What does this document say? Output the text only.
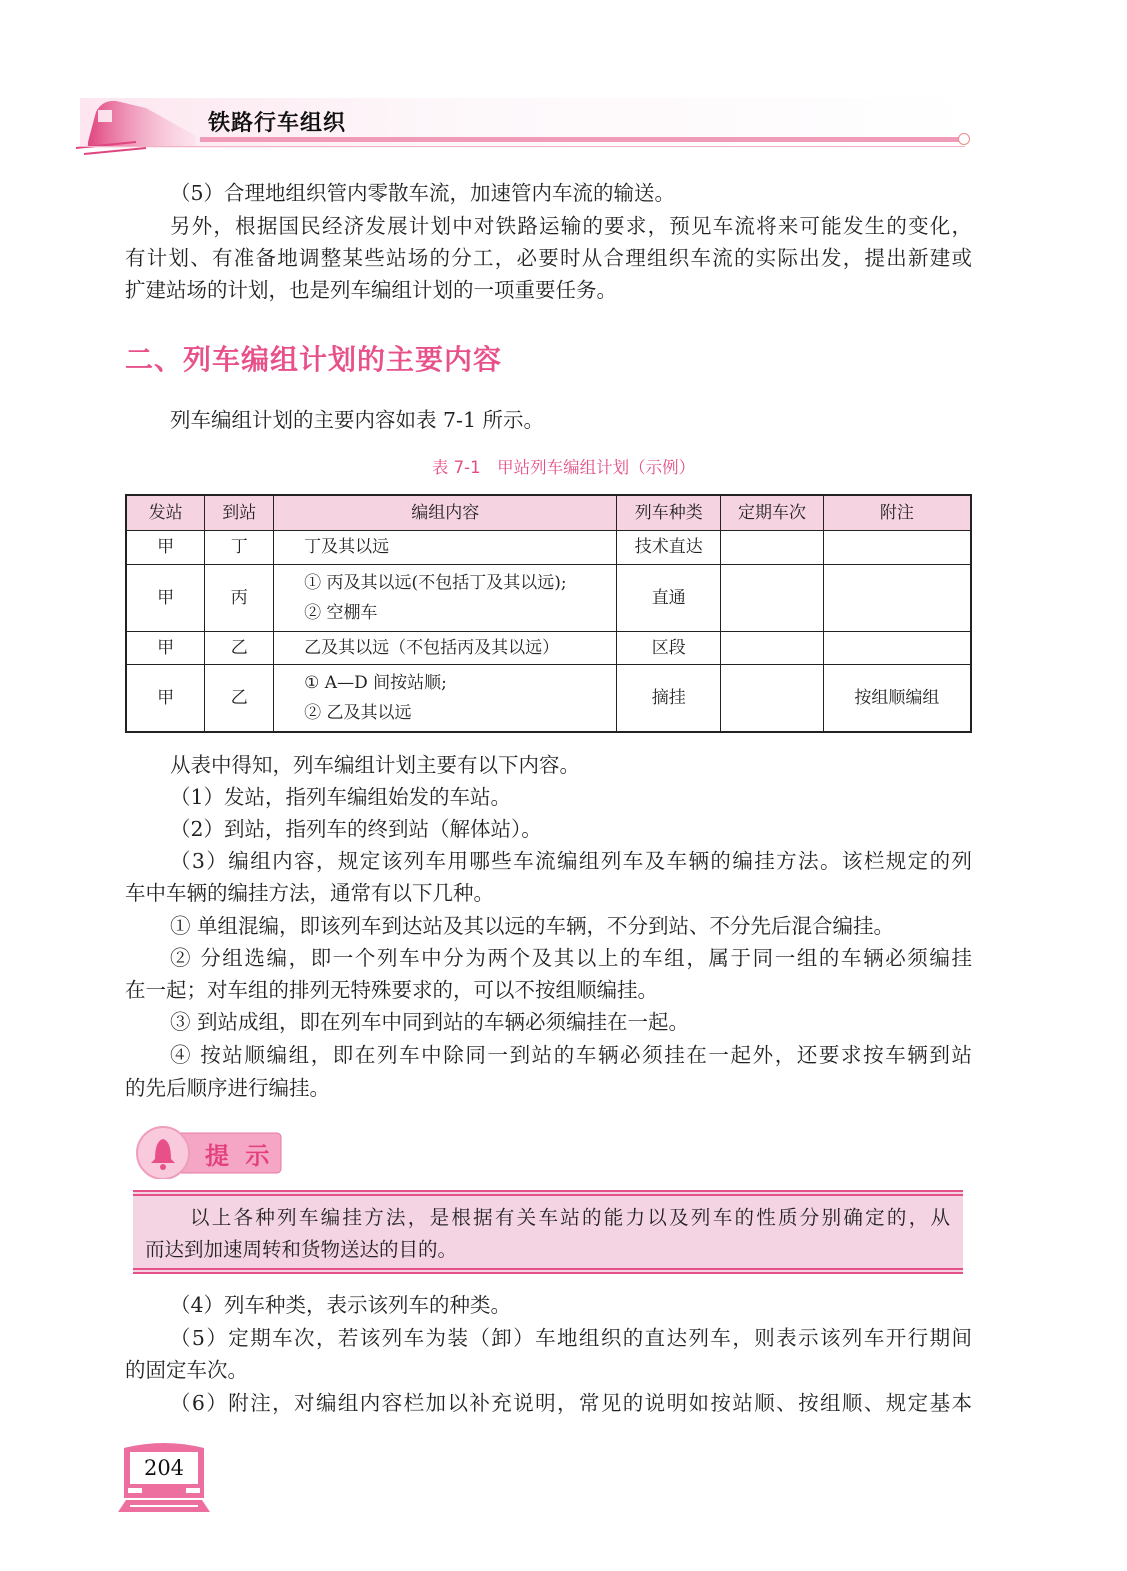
铁路行车组织
（5）合理地组织管内零散车流，加速管内车流的输送。
另外，根据国民经济发展计划中对铁路运输的要求，预见车流将来可能发生的变化，
有计划、有准备地调整某些站场的分工，必要时从合理组织车流的实际出发，提出新建或
扩建站场的计划，也是列车编组计划的一项重要任务。
二、列车编组计划的主要内容
列车编组计划的主要内容如表 7-1 所示。
表 7-1　甲站列车编组计划（示例）
发站	到站	编组内容	列车种类	定期车次	附注
甲	丁	丁及其以远	技术直达		
甲	丙	① 丙及其以远(不包括丁及其以远);
② 空棚车	直通		
甲	乙	乙及其以远（不包括丙及其以远）	区段		
甲	乙	① A—D 间按站顺;
② 乙及其以远	摘挂		按组顺编组
从表中得知，列车编组计划主要有以下内容。
（1）发站，指列车编组始发的车站。
（2）到站，指列车的终到站（解体站）。
（3）编组内容，规定该列车用哪些车流编组列车及车辆的编挂方法。该栏规定的列
车中车辆的编挂方法，通常有以下几种。
① 单组混编，即该列车到达站及其以远的车辆，不分到站、不分先后混合编挂。
② 分组选编，即一个列车中分为两个及其以上的车组，属于同一组的车辆必须编挂
在一起；对车组的排列无特殊要求的，可以不按组顺编挂。
③ 到站成组，即在列车中同到站的车辆必须编挂在一起。
④ 按站顺编组，即在列车中除同一到站的车辆必须挂在一起外，还要求按车辆到站
的先后顺序进行编挂。
提 示
以上各种列车编挂方法，是根据有关车站的能力以及列车的性质分别确定的，从
而达到加速周转和货物送达的目的。
（4）列车种类，表示该列车的种类。
（5）定期车次，若该列车为装（卸）车地组织的直达列车，则表示该列车开行期间
的固定车次。
（6）附注，对编组内容栏加以补充说明，常见的说明如按站顺、按组顺、规定基本
204
